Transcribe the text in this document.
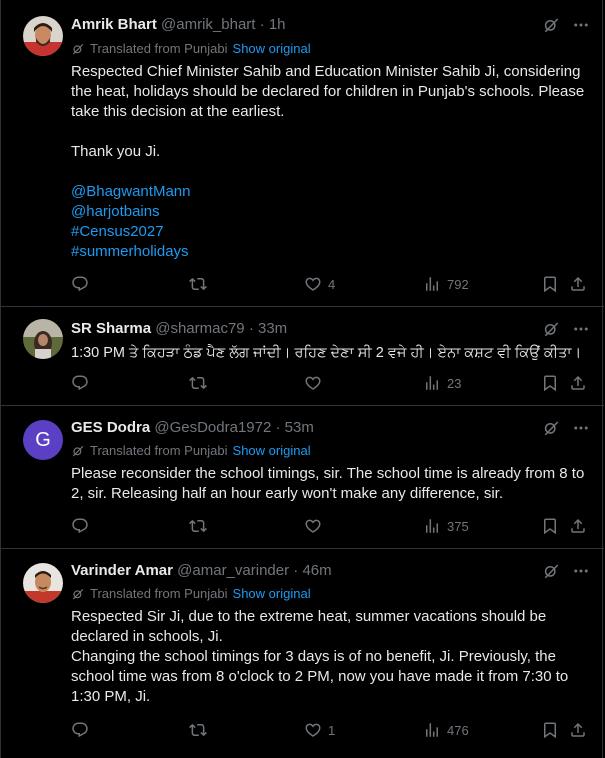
Amrik Bhart @amrik_bhart · 1h
Translated from Punjabi Show original
Respected Chief Minister Sahib and Education Minister Sahib Ji, considering the heat, holidays should be declared for children in Punjab's schools. Please take this decision at the earliest.
Thank you Ji.
@BhagwantMann
@harjotbains
#Census2027
#summerholidays
4	792
SR Sharma @sharmac79 · 33m
1:30 PM ਤੇ ਕਿਹੜਾ ਠੰਡ ਪੈਣ ਲੱਗ ਜਾਂਦੀ। ਰਹਿਣ ਦੇਣਾ ਸੀ 2 ਵਜੇ ਹੀ। ਏਨਾ ਕਸ਼ਟ ਵੀ ਕਿਉਂ ਕੀਤਾ।
23
G
GES Dodra @GesDodra1972 · 53m
Translated from Punjabi Show original
Please reconsider the school timings, sir. The school time is already from 8 to 2, sir. Releasing half an hour early won't make any difference, sir.
375
Varinder Amar @amar_varinder · 46m
Translated from Punjabi Show original
Respected Sir Ji, due to the extreme heat, summer vacations should be declared in schools, Ji.
Changing the school timings for 3 days is of no benefit, Ji. Previously, the school time was from 8 o'clock to 2 PM, now you have made it from 7:30 to 1:30 PM, Ji.
1	476
